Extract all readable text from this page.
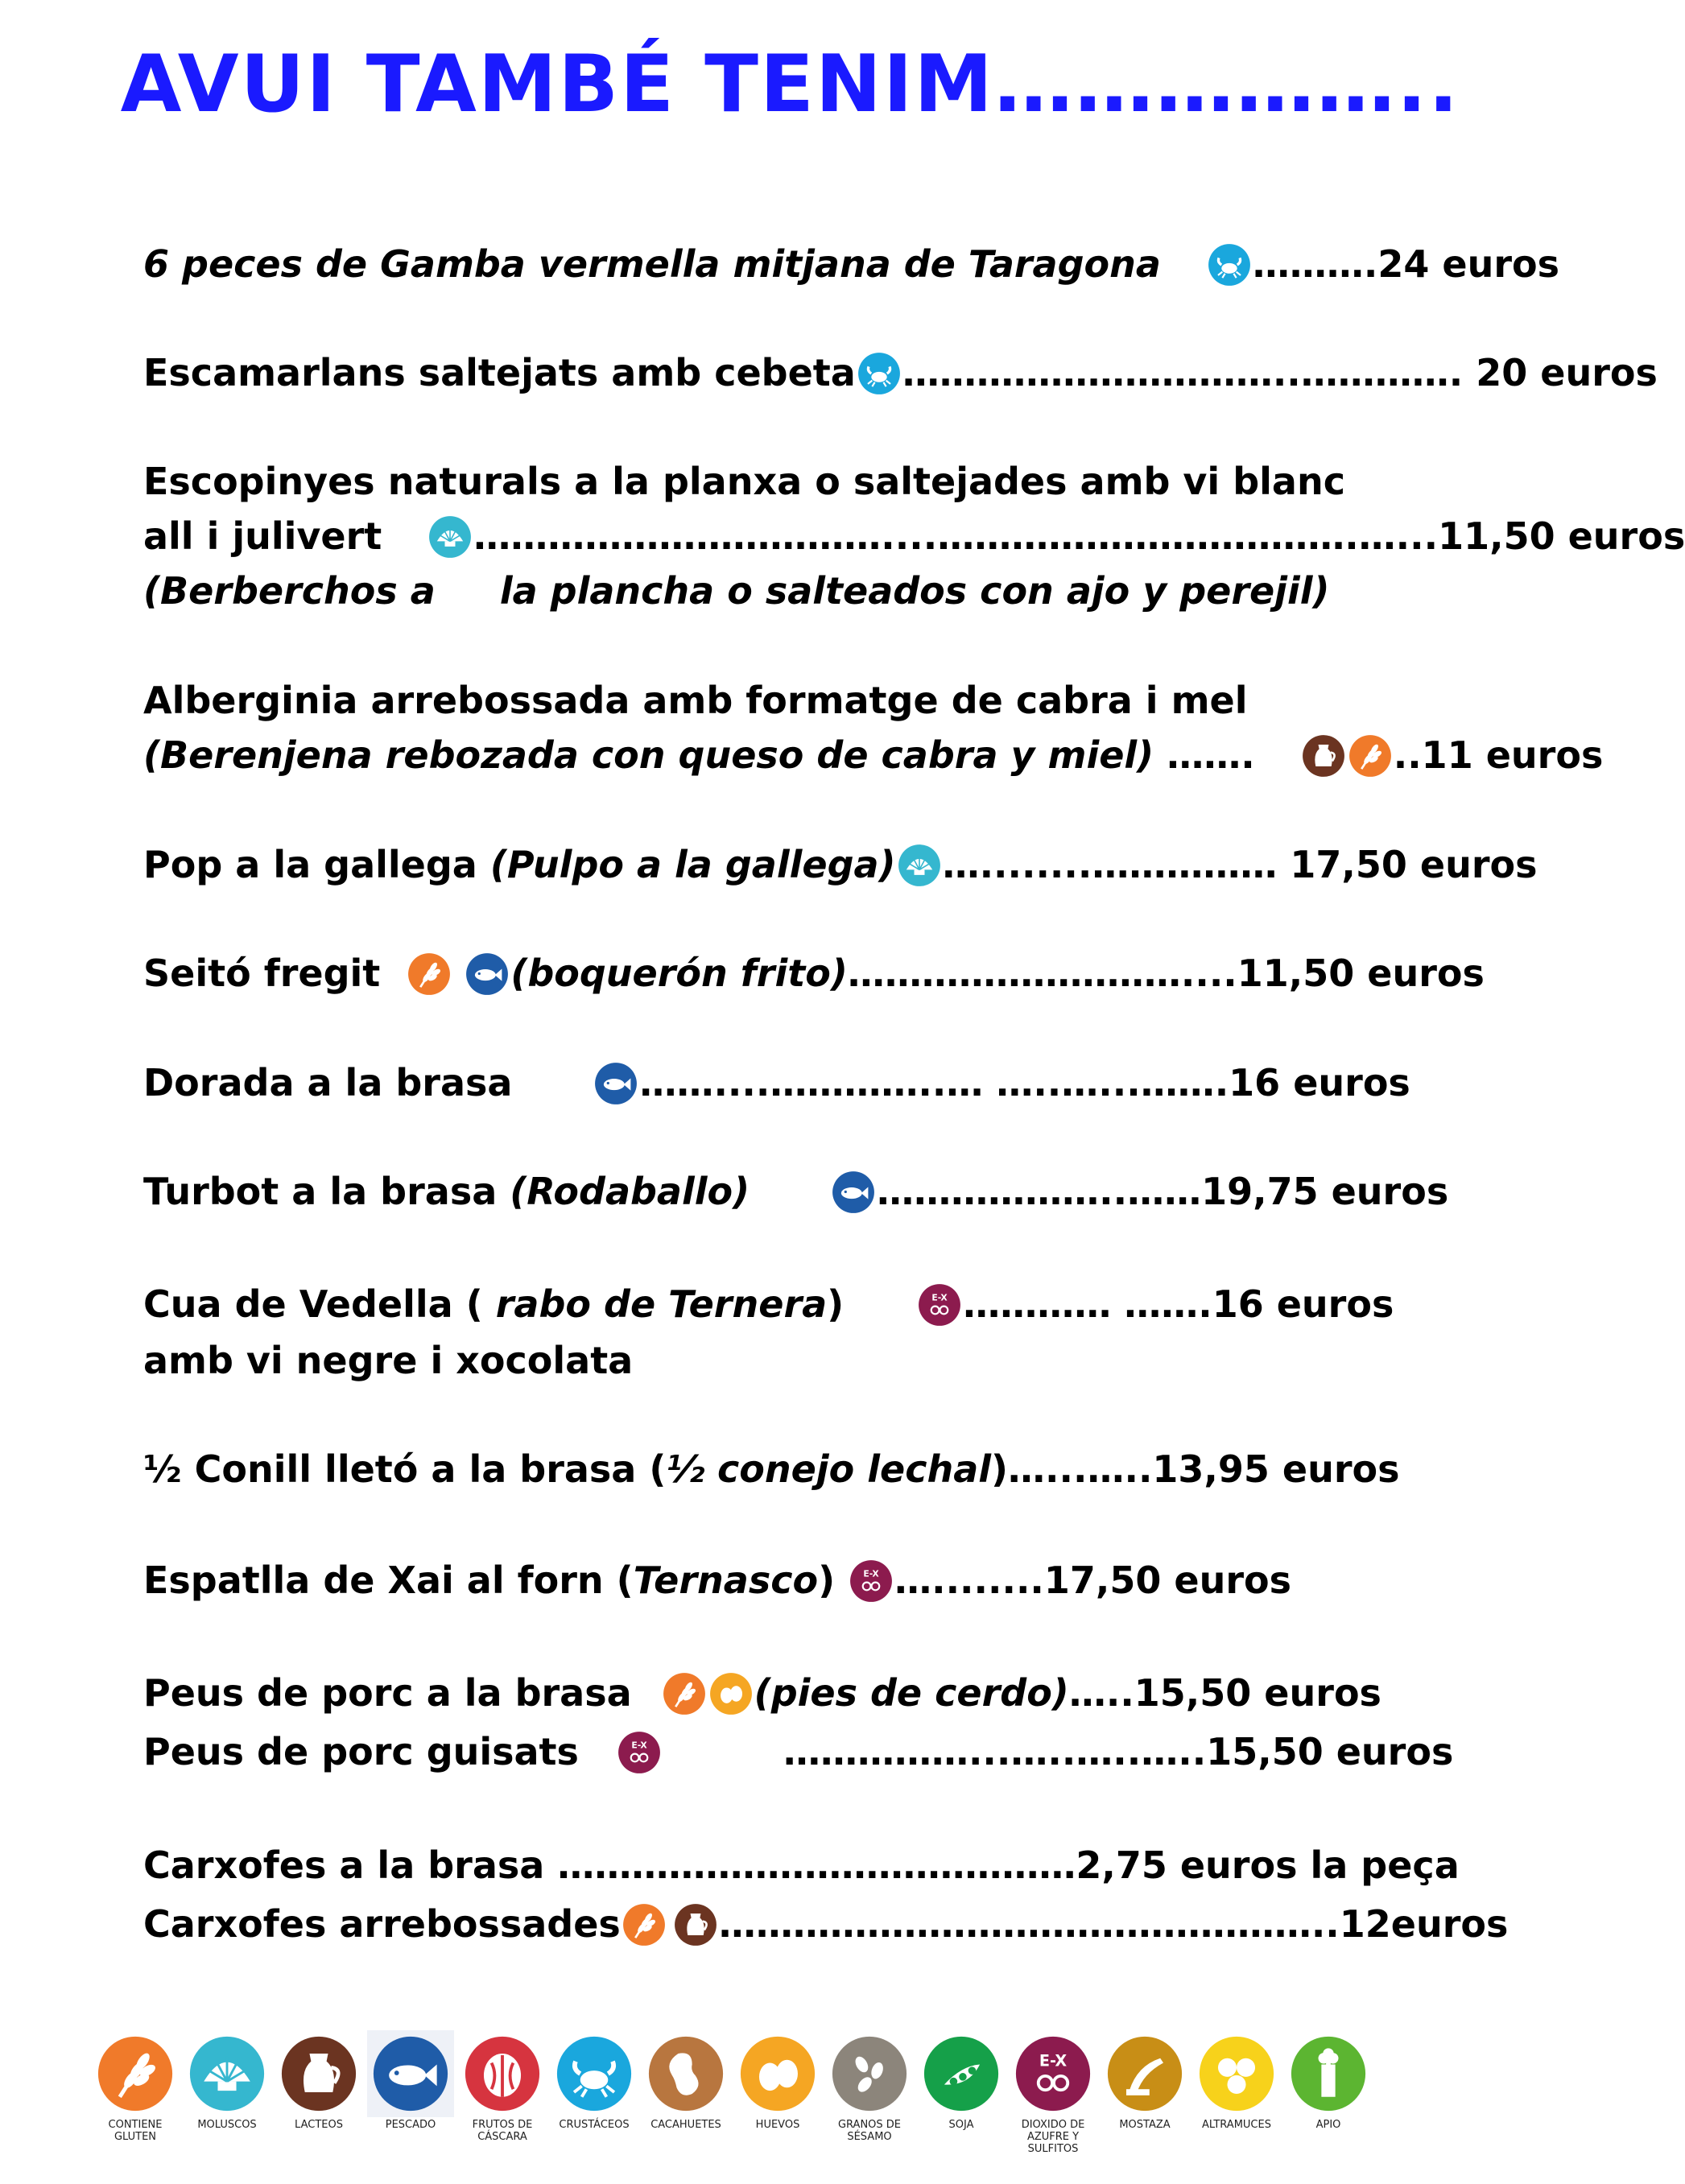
AVUI TAMBÉ TENIM……………..
6 peces de Gamba vermella mitjana de Taragona
……….24 euros
Escamarlans saltejats amb cebeta …………………………..…………. 20 euros
Escopinyes naturals a la planxa o saltejades amb vi blanc
all i julivert
……………………………....…………………………….…...11,50 euros
(Berberchos a la plancha o salteados con ajo y perejil)
Alberginia arrebossada amb formatge de cabra i mel
(Berenjena rebozada con queso de cabra y miel) …….	..11 euros
Pop a la gallega (Pulpo a la gallega) …........…………… 17,50 euros
Seitó fregit	(boquerón frito)………………………....11,50 euros
Dorada a la brasa	……....…………..… …..…...…….16 euros
Turbot a la brasa (Rodaballo)	………………..……19,75 euros
Cua de Vedella ( rabo de Ternera)	………… …….16 euros
amb vi negre i xocolata
½ Conill lletó a la brasa (½ conejo lechal)…...…..13,95 euros
Espatlla de Xai al forn (Ternasco) …........17,50 euros
Peus de porc a la brasa	(pies de cerdo)…..15,50 euros
Peus de porc guisats	……………...…..…..…..15,50 euros
Carxofes a la brasa ……………………………………2,75 euros la peça
Carxofes arrebossades	…………………………………………..12euros
CONTIENE GLUTEN
MOLUSCOS	LACTEOS	PESCADO	FRUTOS DE CÁSCARA
CRUSTÁCEOS	CACAHUETES	HUEVOS	GRANOS DE SÉSAMO
SOJA	DIOXIDO DE AZUFRE Y SULFITOS
MOSTAZA	ALTRAMUCES	APIO
